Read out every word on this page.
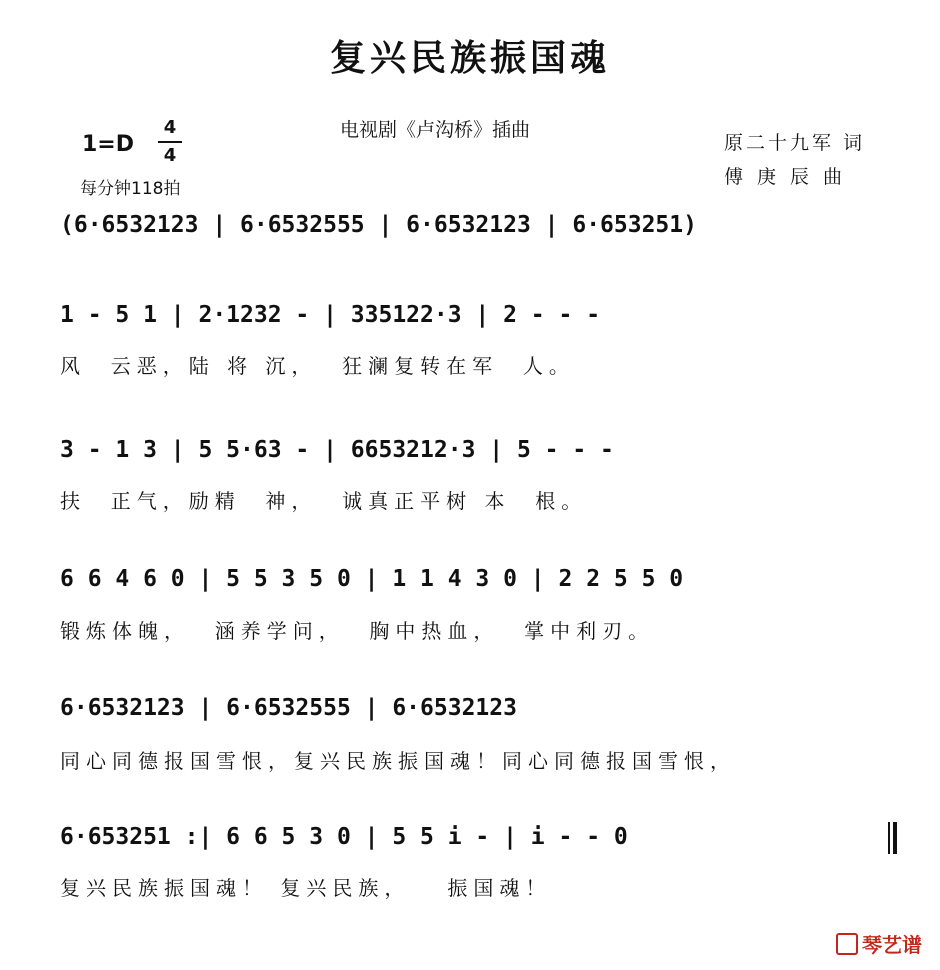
复兴民族振国魂
电视剧《卢沟桥》插曲
1=D
4
4
每分钟118拍
原二十九军 词
傅庚辰曲
(6·6532123 | 6·6532555 | 6·6532123 | 6·653251)
1 - 5 1 | 2·1232 - | 335122·3 | 2 - - -
风  云恶，陆 将 沉，  狂澜复转在军  人。
3 - 1 3 | 5 5·63 - | 6653212·3 | 5 - - -
扶  正气，励精  神，  诚真正平树 本  根。
6 6 4 6 0 | 5 5 3 5 0 | 1 1 4 3 0 | 2 2 5 5 0
锻炼体魄，  涵养学问，  胸中热血，  掌中利刃。
6·6532123 | 6·6532555 | 6·6532123
同心同德报国雪恨，复兴民族振国魂！同心同德报国雪恨，
6·653251 :| 6 6 5 3 0 | 5 5 i - | i - - 0
复兴民族振国魂！ 复兴民族，   振国魂！
琴艺谱
